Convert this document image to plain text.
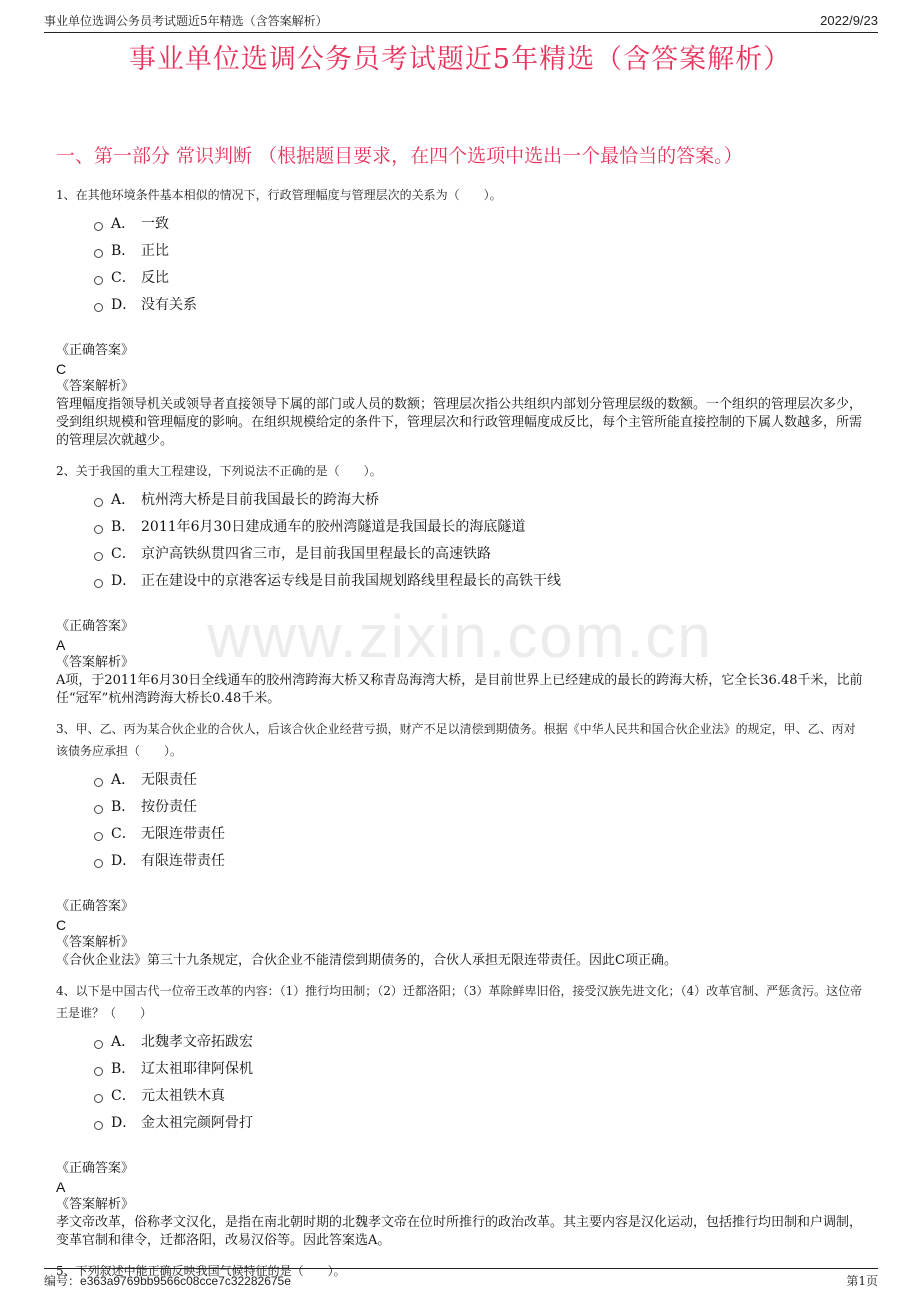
事业单位选调公务员考试题近5年精选（含答案解析）	2022/9/23
事业单位选调公务员考试题近5年精选（含答案解析）
一、第一部分 常识判断 （根据题目要求，在四个选项中选出一个最恰当的答案。）
www.zixin.com.cn

1、在其他环境条件基本相似的情况下，行政管理幅度与管理层次的关系为（　　）。

A． 一致
B． 正比
C． 反比
D． 没有关系
《正确答案》
C
《答案解析》
管理幅度指领导机关或领导者直接领导下属的部门或人员的数额；管理层次指公共组织内部划分管理层级的数额。一个组织的管理层次多少，受到组织规模和管理幅度的影响。在组织规模给定的条件下，管理层次和行政管理幅度成反比，每个主管所能直接控制的下属人数越多，所需的管理层次就越少。

2、关于我国的重大工程建设，下列说法不正确的是（　　）。

A． 杭州湾大桥是目前我国最长的跨海大桥
B． 2011年6月30日建成通车的胶州湾隧道是我国最长的海底隧道
C． 京沪高铁纵贯四省三市，是目前我国里程最长的高速铁路
D． 正在建设中的京港客运专线是目前我国规划路线里程最长的高铁干线
《正确答案》
A
《答案解析》
A项，于2011年6月30日全线通车的胶州湾跨海大桥又称青岛海湾大桥，是目前世界上已经建成的最长的跨海大桥，它全长36.48千米，比前任“冠军”杭州湾跨海大桥长0.48千米。

3、甲、乙、丙为某合伙企业的合伙人，后该合伙企业经营亏损，财产不足以清偿到期债务。根据《中华人民共和国合伙企业法》的规定，甲、乙、丙对该债务应承担（　　）。

A． 无限责任
B． 按份责任
C． 无限连带责任
D． 有限连带责任
《正确答案》
C
《答案解析》
《合伙企业法》第三十九条规定，合伙企业不能清偿到期债务的，合伙人承担无限连带责任。因此C项正确。

4、以下是中国古代一位帝王改革的内容：（1）推行均田制；（2）迁都洛阳；（3）革除鲜卑旧俗，接受汉族先进文化；（4）改革官制、严惩贪污。这位帝王是谁？（　　）

A． 北魏孝文帝拓跋宏
B． 辽太祖耶律阿保机
C． 元太祖铁木真
D． 金太祖完颜阿骨打
《正确答案》
A
《答案解析》
孝文帝改革，俗称孝文汉化，是指在南北朝时期的北魏孝文帝在位时所推行的政治改革。其主要内容是汉化运动，包括推行均田制和户调制，变革官制和律令，迁都洛阳，改易汉俗等。因此答案选A。

5、下列叙述中能正确反映我国气候特征的是（　　）。

编号：e363a9769bb9566c08cce7c32282675e	第1页
